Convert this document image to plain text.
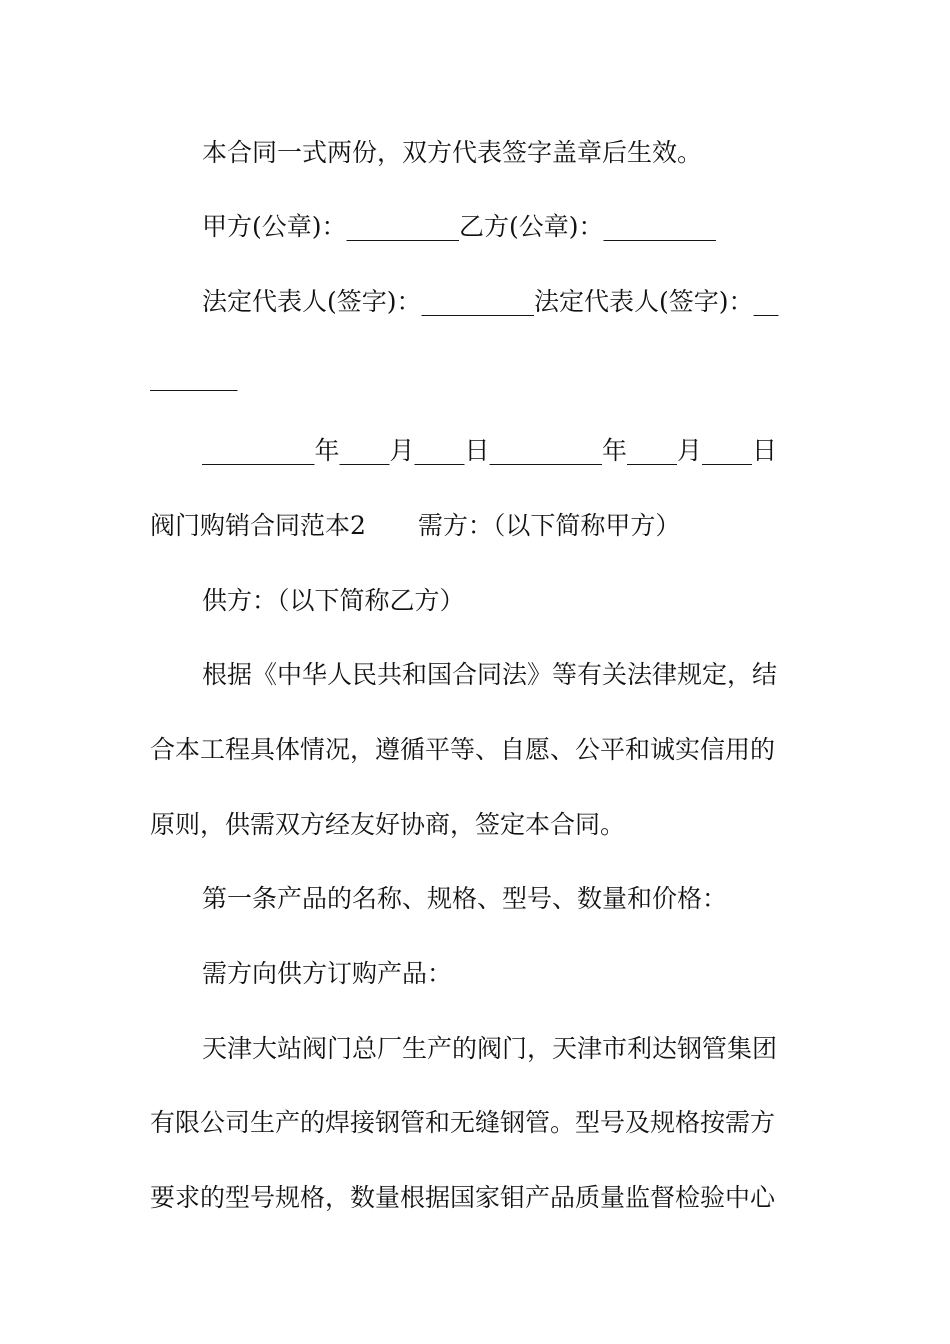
本合同一式两份，双方代表签字盖章后生效。
甲方(公章)：_________乙方(公章)：_________
法定代表人(签字)：_________法定代表人(签字)：__
_______
_________年____月____日_________年____月____日
阀门购销合同范本2 需方：（以下简称甲方）
供方：（以下简称乙方）
根据《中华人民共和国合同法》等有关法律规定，结
合本工程具体情况，遵循平等、自愿、公平和诚实信用的
原则，供需双方经友好协商，签定本合同。
第一条产品的名称、规格、型号、数量和价格：
需方向供方订购产品：
天津大站阀门总厂生产的阀门，天津市利达钢管集团
有限公司生产的焊接钢管和无缝钢管。型号及规格按需方
要求的型号规格，数量根据国家钼产品质量监督检验中心
